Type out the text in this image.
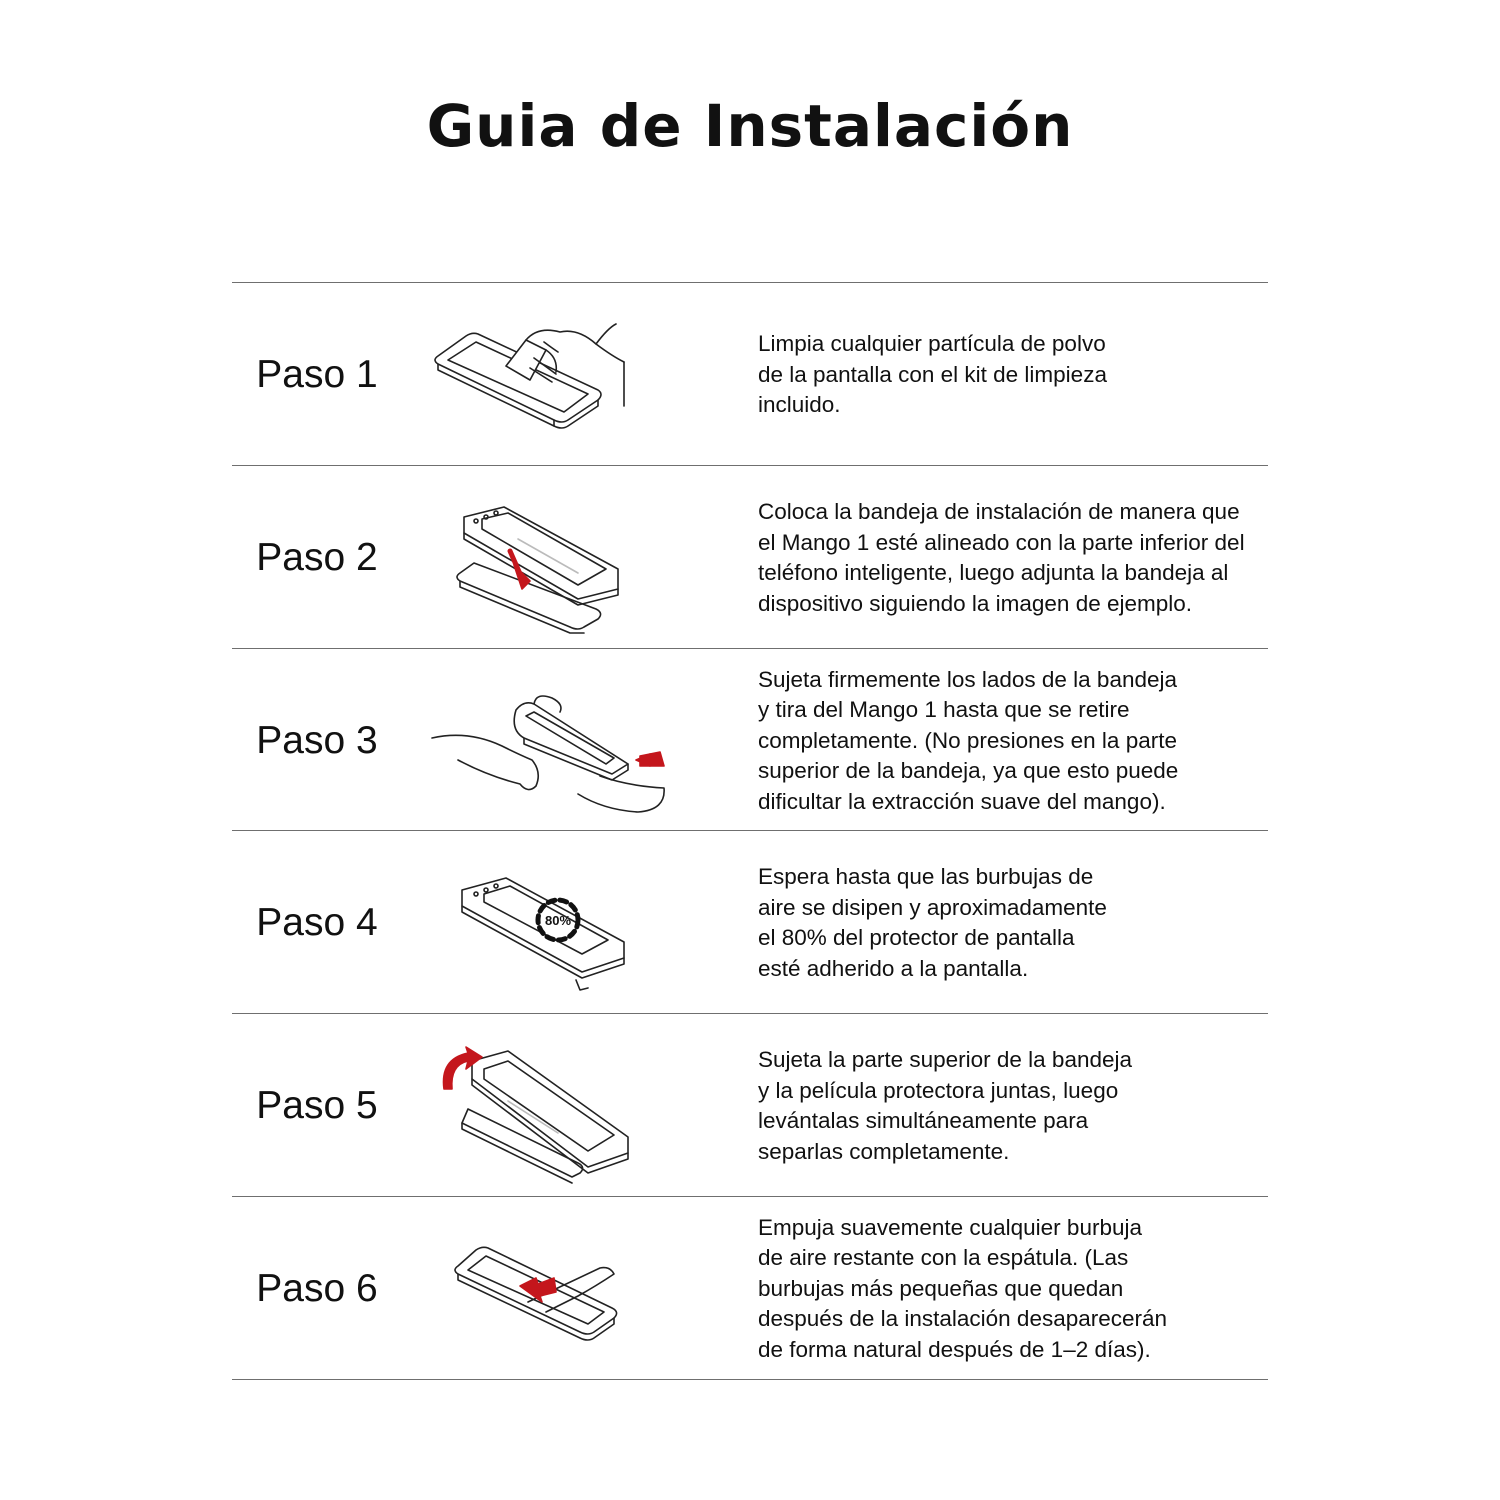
Guia de Instalación
Paso 1

Limpia cualquier partícula de polvo
de la pantalla con el kit de limpieza
incluido.

Paso 2

Coloca la bandeja de instalación de manera que
el Mango 1 esté alineado con la parte inferior del
teléfono inteligente, luego adjunta la bandeja al
dispositivo siguiendo la imagen de ejemplo.

Paso 3

Sujeta firmemente los lados de la bandeja
y tira del Mango 1 hasta que se retire
completamente. (No presiones en la parte
superior de la bandeja, ya que esto puede
dificultar la extracción suave del mango).

Paso 4	80%

Espera hasta que las burbujas de
aire se disipen y aproximadamente
el 80% del protector de pantalla
esté adherido a la pantalla.

Paso 5

Sujeta la parte superior de la bandeja
y la película protectora juntas, luego
levántalas simultáneamente para
separlas completamente.

Paso 6

Empuja suavemente cualquier burbuja
de aire restante con la espátula. (Las
burbujas más pequeñas que quedan
después de la instalación desaparecerán
de forma natural después de 1–2 días).
